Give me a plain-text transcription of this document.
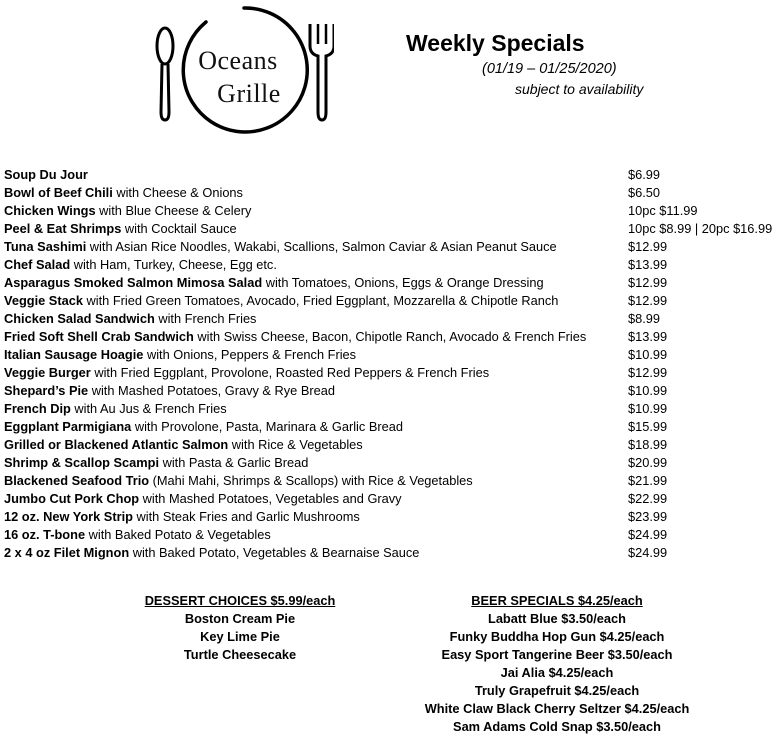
Oceans
Grille
Weekly Specials
(01/19 – 01/25/2020)
subject to availability
Soup Du Jour	$6.99
Bowl of Beef Chili with Cheese & Onions	$6.50
Chicken Wings with Blue Cheese & Celery	10pc $11.99
Peel & Eat Shrimps with Cocktail Sauce	10pc $8.99 | 20pc $16.99
Tuna Sashimi with Asian Rice Noodles, Wakabi, Scallions, Salmon Caviar & Asian Peanut Sauce	$12.99
Chef Salad with Ham, Turkey, Cheese, Egg etc.	$13.99
Asparagus Smoked Salmon Mimosa Salad with Tomatoes, Onions, Eggs & Orange Dressing	$12.99
Veggie Stack with Fried Green Tomatoes, Avocado, Fried Eggplant, Mozzarella & Chipotle Ranch	$12.99
Chicken Salad Sandwich with French Fries	$8.99
Fried Soft Shell Crab Sandwich with Swiss Cheese, Bacon, Chipotle Ranch, Avocado & French Fries	$13.99
Italian Sausage Hoagie with Onions, Peppers & French Fries	$10.99
Veggie Burger with Fried Eggplant, Provolone, Roasted Red Peppers & French Fries	$12.99
Shepard’s Pie with Mashed Potatoes, Gravy & Rye Bread	$10.99
French Dip with Au Jus & French Fries	$10.99
Eggplant Parmigiana with Provolone, Pasta, Marinara & Garlic Bread	$15.99
Grilled or Blackened Atlantic Salmon with Rice & Vegetables	$18.99
Shrimp & Scallop Scampi with Pasta & Garlic Bread	$20.99
Blackened Seafood Trio (Mahi Mahi, Shrimps & Scallops) with Rice & Vegetables	$21.99
Jumbo Cut Pork Chop with Mashed Potatoes, Vegetables and Gravy	$22.99
12 oz. New York Strip with Steak Fries and Garlic Mushrooms	$23.99
16 oz. T-bone with Baked Potato & Vegetables	$24.99
2 x 4 oz Filet Mignon with Baked Potato, Vegetables & Bearnaise Sauce	$24.99
DESSERT CHOICES $5.99/each
Boston Cream Pie
Key Lime Pie
Turtle Cheesecake
BEER SPECIALS $4.25/each
Labatt Blue $3.50/each
Funky Buddha Hop Gun $4.25/each
Easy Sport Tangerine Beer $3.50/each
Jai Alia $4.25/each
Truly Grapefruit $4.25/each
White Claw Black Cherry Seltzer $4.25/each
Sam Adams Cold Snap $3.50/each
